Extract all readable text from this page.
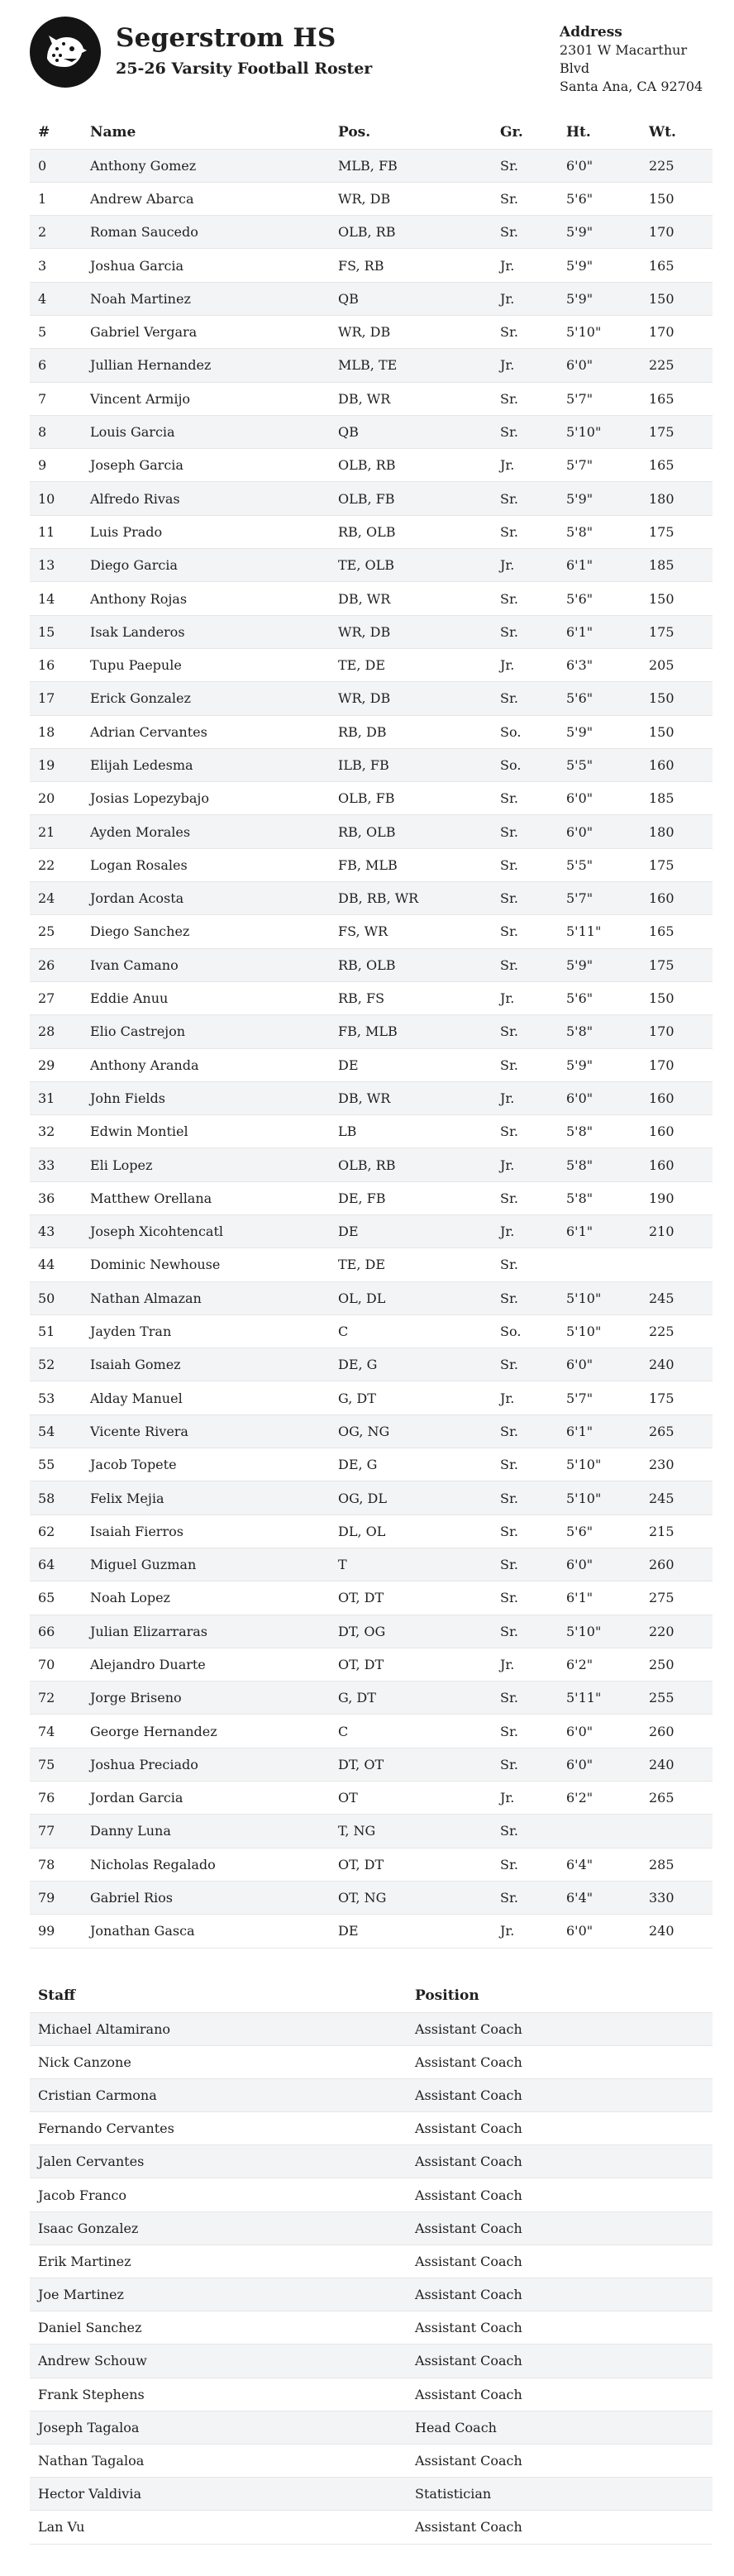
Segerstrom HS
25-26 Varsity Football Roster
Address
2301 W Macarthur Blvd
Santa Ana, CA 92704
#	Name	Pos.	Gr.	Ht.	Wt.
0	Anthony Gomez	MLB, FB	Sr.	6'0"	225
1	Andrew Abarca	WR, DB	Sr.	5'6"	150
2	Roman Saucedo	OLB, RB	Sr.	5'9"	170
3	Joshua Garcia	FS, RB	Jr.	5'9"	165
4	Noah Martinez	QB	Jr.	5'9"	150
5	Gabriel Vergara	WR, DB	Sr.	5'10"	170
6	Jullian Hernandez	MLB, TE	Jr.	6'0"	225
7	Vincent Armijo	DB, WR	Sr.	5'7"	165
8	Louis Garcia	QB	Sr.	5'10"	175
9	Joseph Garcia	OLB, RB	Jr.	5'7"	165
10	Alfredo Rivas	OLB, FB	Sr.	5'9"	180
11	Luis Prado	RB, OLB	Sr.	5'8"	175
13	Diego Garcia	TE, OLB	Jr.	6'1"	185
14	Anthony Rojas	DB, WR	Sr.	5'6"	150
15	Isak Landeros	WR, DB	Sr.	6'1"	175
16	Tupu Paepule	TE, DE	Jr.	6'3"	205
17	Erick Gonzalez	WR, DB	Sr.	5'6"	150
18	Adrian Cervantes	RB, DB	So.	5'9"	150
19	Elijah Ledesma	ILB, FB	So.	5'5"	160
20	Josias Lopezybajo	OLB, FB	Sr.	6'0"	185
21	Ayden Morales	RB, OLB	Sr.	6'0"	180
22	Logan Rosales	FB, MLB	Sr.	5'5"	175
24	Jordan Acosta	DB, RB, WR	Sr.	5'7"	160
25	Diego Sanchez	FS, WR	Sr.	5'11"	165
26	Ivan Camano	RB, OLB	Sr.	5'9"	175
27	Eddie Anuu	RB, FS	Jr.	5'6"	150
28	Elio Castrejon	FB, MLB	Sr.	5'8"	170
29	Anthony Aranda	DE	Sr.	5'9"	170
31	John Fields	DB, WR	Jr.	6'0"	160
32	Edwin Montiel	LB	Sr.	5'8"	160
33	Eli Lopez	OLB, RB	Jr.	5'8"	160
36	Matthew Orellana	DE, FB	Sr.	5'8"	190
43	Joseph Xicohtencatl	DE	Jr.	6'1"	210
44	Dominic Newhouse	TE, DE	Sr.		
50	Nathan Almazan	OL, DL	Sr.	5'10"	245
51	Jayden Tran	C	So.	5'10"	225
52	Isaiah Gomez	DE, G	Sr.	6'0"	240
53	Alday Manuel	G, DT	Jr.	5'7"	175
54	Vicente Rivera	OG, NG	Sr.	6'1"	265
55	Jacob Topete	DE, G	Sr.	5'10"	230
58	Felix Mejia	OG, DL	Sr.	5'10"	245
62	Isaiah Fierros	DL, OL	Sr.	5'6"	215
64	Miguel Guzman	T	Sr.	6'0"	260
65	Noah Lopez	OT, DT	Sr.	6'1"	275
66	Julian Elizarraras	DT, OG	Sr.	5'10"	220
70	Alejandro Duarte	OT, DT	Jr.	6'2"	250
72	Jorge Briseno	G, DT	Sr.	5'11"	255
74	George Hernandez	C	Sr.	6'0"	260
75	Joshua Preciado	DT, OT	Sr.	6'0"	240
76	Jordan Garcia	OT	Jr.	6'2"	265
77	Danny Luna	T, NG	Sr.		
78	Nicholas Regalado	OT, DT	Sr.	6'4"	285
79	Gabriel Rios	OT, NG	Sr.	6'4"	330
99	Jonathan Gasca	DE	Jr.	6'0"	240
Staff	Position
Michael Altamirano	Assistant Coach
Nick Canzone	Assistant Coach
Cristian Carmona	Assistant Coach
Fernando Cervantes	Assistant Coach
Jalen Cervantes	Assistant Coach
Jacob Franco	Assistant Coach
Isaac Gonzalez	Assistant Coach
Erik Martinez	Assistant Coach
Joe Martinez	Assistant Coach
Daniel Sanchez	Assistant Coach
Andrew Schouw	Assistant Coach
Frank Stephens	Assistant Coach
Joseph Tagaloa	Head Coach
Nathan Tagaloa	Assistant Coach
Hector Valdivia	Statistician
Lan Vu	Assistant Coach
